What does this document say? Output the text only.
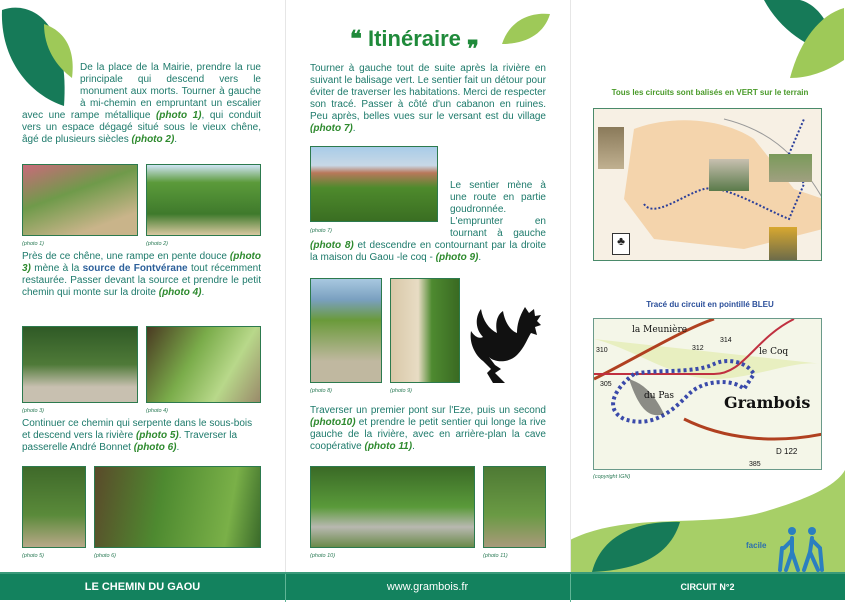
De la place de la Mairie, prendre la rue principale qui descend vers le monument aux morts. Tourner à gauche à mi-chemin en empruntant un escalier avec une rampe métallique (photo 1), qui conduit vers un espace dégagé situé sous le vieux chêne, âgé de plusieurs siècles (photo 2).
(photo 1)	(photo 2)
Près de ce chêne, une rampe en pente douce (photo 3) mène à la source de Fontvérane tout récemment restaurée. Passer devant la source et prendre le petit chemin qui monte sur la droite (photo 4).
(photo 3)	(photo 4)
Continuer ce chemin qui serpente dans le sous-bois et descend vers la rivière (photo 5). Traverser la passerelle André Bonnet (photo 6).
(photo 5)	(photo 6)
❝ Itinéraire ❞
Tourner à gauche tout de suite après la rivière en suivant le balisage vert. Le sentier fait un détour pour éviter de traverser les habitations. Merci de respecter son tracé. Passer à côté d'un cabanon en ruines. Peu après, belles vues sur le versant est du village (photo 7).
(photo 7)
Le sentier mène à une route en partie goudronnée. L'emprunter en tournant à gauche (photo 8) et descendre en contournant par la droite la maison du Gaou -le coq - (photo 9).
(photo 8)	(photo 9)
Traverser un premier pont sur l'Eze, puis un second (photo10) et prendre le petit sentier qui longe la rive gauche de la rivière, avec en arrière-plan la cave coopérative (photo 11).
(photo 10)	(photo 11)
Tous les circuits sont balisés en VERT sur le terrain
♣
Tracé du circuit en pointillé BLEU
la Meunière
314
312
310
305
le Coq
du Pas	Grambois
D 122
385
(copyright IGN)
facile
LE CHEMIN DU GAOU	www.grambois.fr	CIRCUIT N°2
